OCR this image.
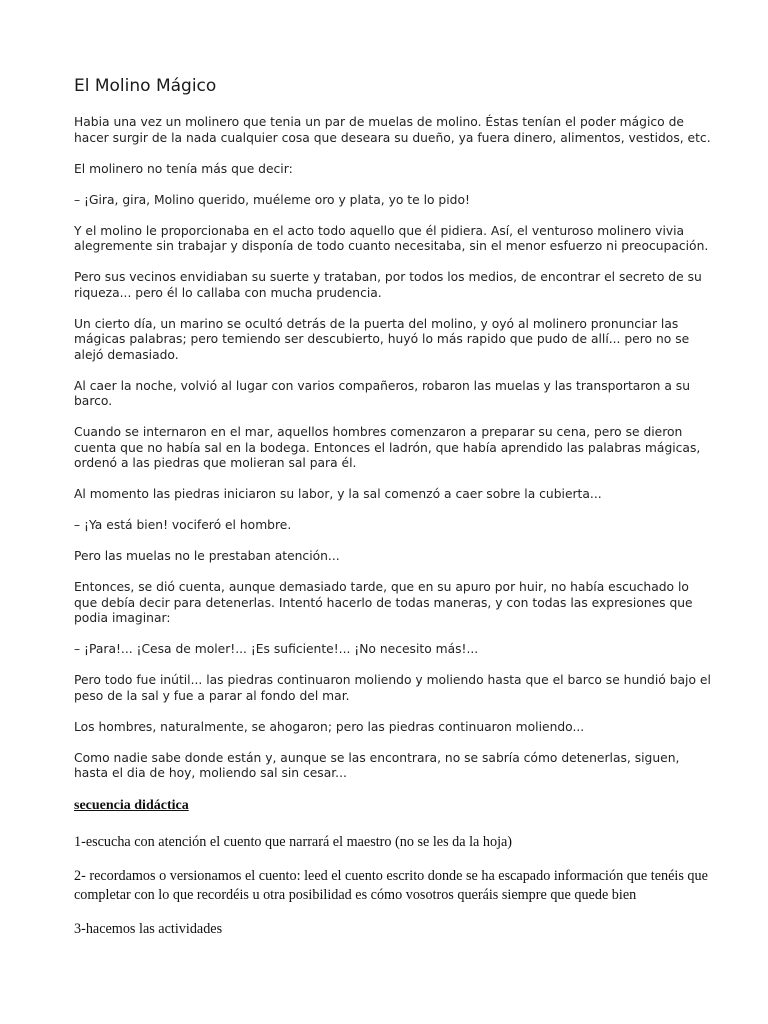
El Molino Mágico

Habia una vez un molinero que tenia un par de muelas de molino. Éstas tenían el poder mágico de hacer surgir de la nada cualquier cosa que deseara su dueño, ya fuera dinero, alimentos, vestidos, etc.

El molinero no tenía más que decir:

– ¡Gira, gira, Molino querido, muéleme oro y plata, yo te lo pido!

Y el molino le proporcionaba en el acto todo aquello que él pidiera. Así, el venturoso molinero vivia alegremente sin trabajar y disponía de todo cuanto necesitaba, sin el menor esfuerzo ni preocupación.

Pero sus vecinos envidiaban su suerte y trataban, por todos los medios, de encontrar el secreto de su riqueza... pero él lo callaba con mucha prudencia.

Un cierto día, un marino se ocultó detrás de la puerta del molino, y oyó al molinero pronunciar las mágicas palabras; pero temiendo ser descubierto, huyó lo más rapido que pudo de allí... pero no se alejó demasiado.

Al caer la noche, volvió al lugar con varios compañeros, robaron las muelas y las transportaron a su barco.

Cuando se internaron en el mar, aquellos hombres comenzaron a preparar su cena, pero se dieron cuenta que no había sal en la bodega. Entonces el ladrón, que había aprendido las palabras mágicas, ordenó a las piedras que molieran sal para él.

Al momento las piedras iniciaron su labor, y la sal comenzó a caer sobre la cubierta...

– ¡Ya está bien! vociferó el hombre.

Pero las muelas no le prestaban atención...

Entonces, se dió cuenta, aunque demasiado tarde, que en su apuro por huir, no había escuchado lo que debía decir para detenerlas. Intentó hacerlo de todas maneras, y con todas las expresiones que podia imaginar:

– ¡Para!... ¡Cesa de moler!... ¡Es suficiente!... ¡No necesito más!...

Pero todo fue inútil... las piedras continuaron moliendo y moliendo hasta que el barco se hundió bajo el peso de la sal y fue a parar al fondo del mar.

Los hombres, naturalmente, se ahogaron; pero las piedras continuaron moliendo...

Como nadie sabe donde están y, aunque se las encontrara, no se sabría cómo detenerlas, siguen, hasta el dia de hoy, moliendo sal sin cesar...

secuencia didáctica

1-escucha con atención el cuento que narrará el maestro (no se les da la hoja)

2- recordamos o versionamos el cuento: leed el cuento escrito donde se ha escapado información que tenéis que completar con lo que recordéis u otra posibilidad es cómo vosotros queráis siempre que quede bien

3-hacemos las actividades
